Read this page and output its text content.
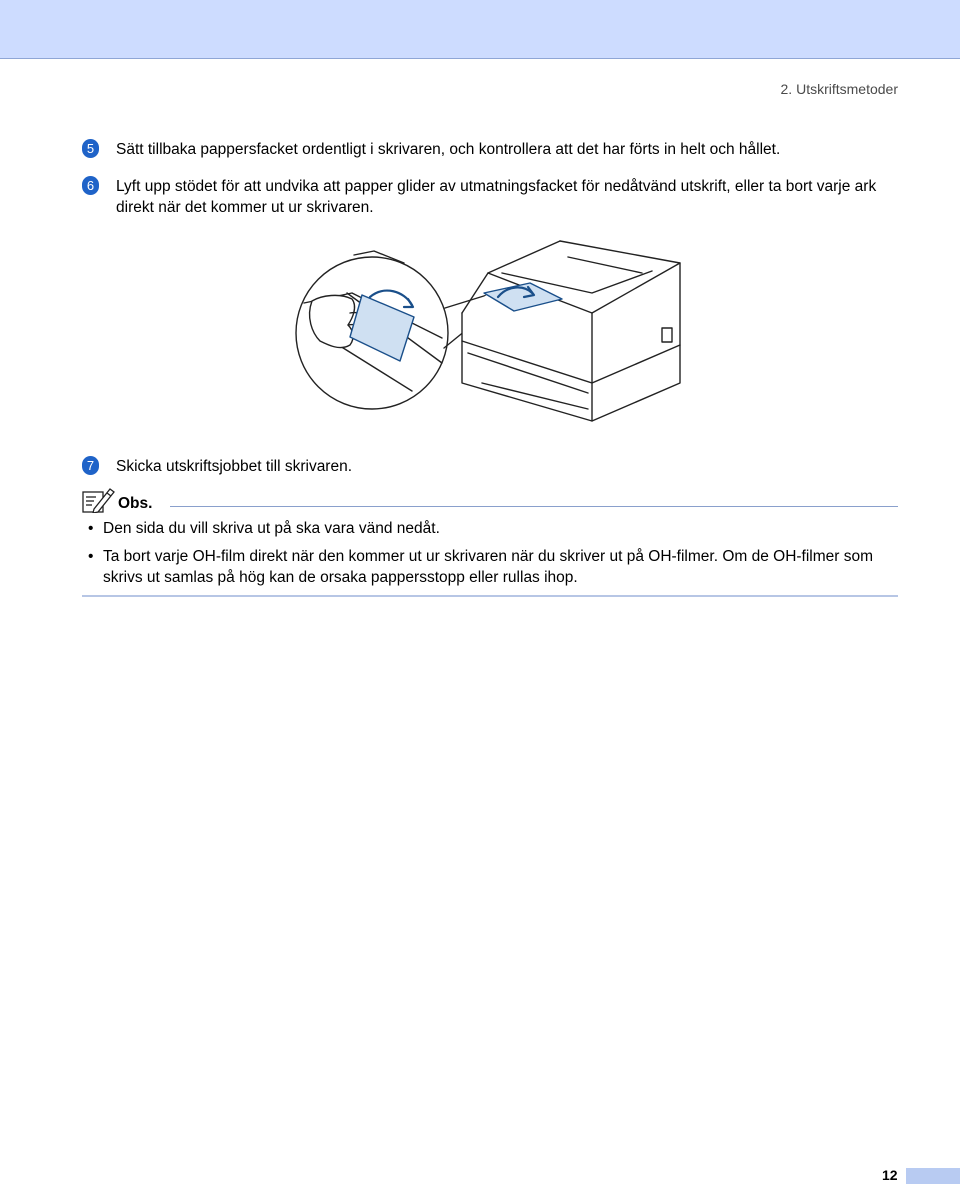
2. Utskriftsmetoder
5	Sätt tillbaka pappersfacket ordentligt i skrivaren, och kontrollera att det har förts in helt och hållet.
6	Lyft upp stödet för att undvika att papper glider av utmatningsfacket för nedåtvänd utskrift, eller ta bort varje ark direkt när det kommer ut ur skrivaren.
7	Skicka utskriftsjobbet till skrivaren.
Obs.
• Den sida du vill skriva ut på ska vara vänd nedåt.
• Ta bort varje OH-film direkt när den kommer ut ur skrivaren när du skriver ut på OH-filmer. Om de OH-filmer som skrivs ut samlas på hög kan de orsaka pappersstopp eller rullas ihop.
12
